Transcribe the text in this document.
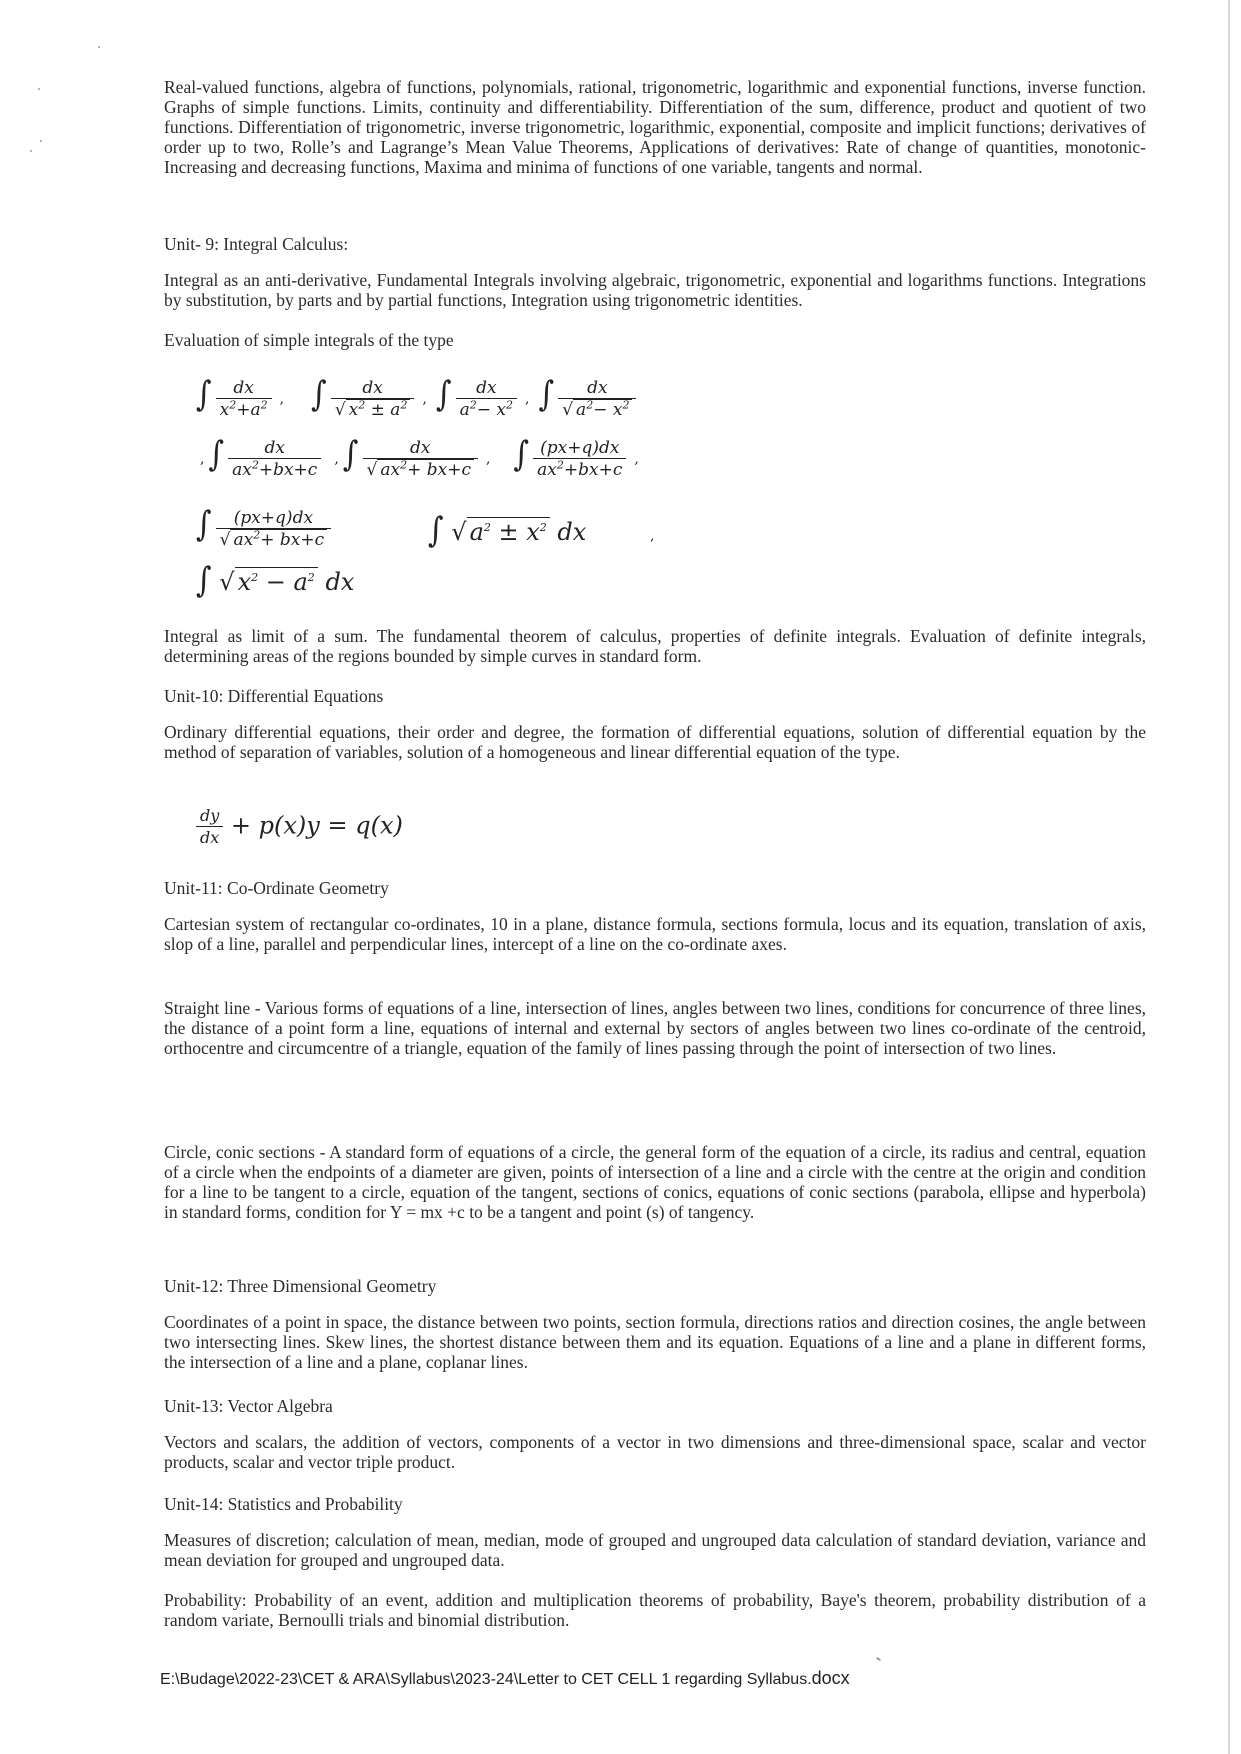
Real-valued functions, algebra of functions, polynomials, rational, trigonometric, logarithmic and exponential functions, inverse function. Graphs of simple functions. Limits, continuity and differentiability. Differentiation of the sum, difference, product and quotient of two functions. Differentiation of trigonometric, inverse trigonometric, logarithmic, exponential, composite and implicit functions; derivatives of order up to two, Rolle’s and Lagrange’s Mean Value Theorems, Applications of derivatives: Rate of change of quantities, monotonic-Increasing and decreasing functions, Maxima and minima of functions of one variable, tangents and normal.

Unit- 9: Integral Calculus:

Integral as an anti-derivative, Fundamental Integrals involving algebraic, trigonometric, exponential and logarithms functions. Integrations by substitution, by parts and by partial functions, Integration using trigonometric identities.

Evaluation of simple integrals of the type

∫ $\frac{dx}{x^2+a^2}$ , ∫ $\frac{dx}{√ x^2 \pm a^2}$ , ∫ $\frac{dx}{a^2- x^2}$ , ∫ $\frac{dx}{√ a^2- x^2}$
, ∫ $\frac{dx}{ax^2+bx+c}$ , ∫ $\frac{dx}{√ ax^2+ bx+c}$ , ∫ $\frac{(px+q)dx}{ax^2+bx+c}$ ,
∫ $\frac{(px+q)dx}{√ ax^2+ bx+c}$	∫ √ $a^2 \pm x^2$ dx	,
∫ √ $x^2 - a^2$ dx

Integral as limit of a sum. The fundamental theorem of calculus, properties of definite integrals. Evaluation of definite integrals, determining areas of the regions bounded by simple curves in standard form.

Unit-10: Differential Equations

Ordinary differential equations, their order and degree, the formation of differential equations, solution of differential equation by the method of separation of variables, solution of a homogeneous and linear differential equation of the type.

$\frac{dy}{dx} + p(x)y = q(x)$

Unit-11: Co-Ordinate Geometry

Cartesian system of rectangular co-ordinates, 10 in a plane, distance formula, sections formula, locus and its equation, translation of axis, slop of a line, parallel and perpendicular lines, intercept of a line on the co-ordinate axes.

Straight line - Various forms of equations of a line, intersection of lines, angles between two lines, conditions for concurrence of three lines, the distance of a point form a line, equations of internal and external by sectors of angles between two lines co-ordinate of the centroid, orthocentre and circumcentre of a triangle, equation of the family of lines passing through the point of intersection of two lines.

Circle, conic sections - A standard form of equations of a circle, the general form of the equation of a circle, its radius and central, equation of a circle when the endpoints of a diameter are given, points of intersection of a line and a circle with the centre at the origin and condition for a line to be tangent to a circle, equation of the tangent, sections of conics, equations of conic sections (parabola, ellipse and hyperbola) in standard forms, condition for Y = mx +c to be a tangent and point (s) of tangency.

Unit-12: Three Dimensional Geometry

Coordinates of a point in space, the distance between two points, section formula, directions ratios and direction cosines, the angle between two intersecting lines. Skew lines, the shortest distance between them and its equation. Equations of a line and a plane in different forms, the intersection of a line and a plane, coplanar lines.

Unit-13: Vector Algebra

Vectors and scalars, the addition of vectors, components of a vector in two dimensions and three-dimensional space, scalar and vector products, scalar and vector triple product.

Unit-14: Statistics and Probability

Measures of discretion; calculation of mean, median, mode of grouped and ungrouped data calculation of standard deviation, variance and mean deviation for grouped and ungrouped data.

Probability: Probability of an event, addition and multiplication theorems of probability, Baye's theorem, probability distribution of a random variate, Bernoulli trials and binomial distribution.

E:\Budage\2022-23\CET & ARA\Syllabus\2023-24\Letter to CET CELL 1 regarding Syllabus.docx
